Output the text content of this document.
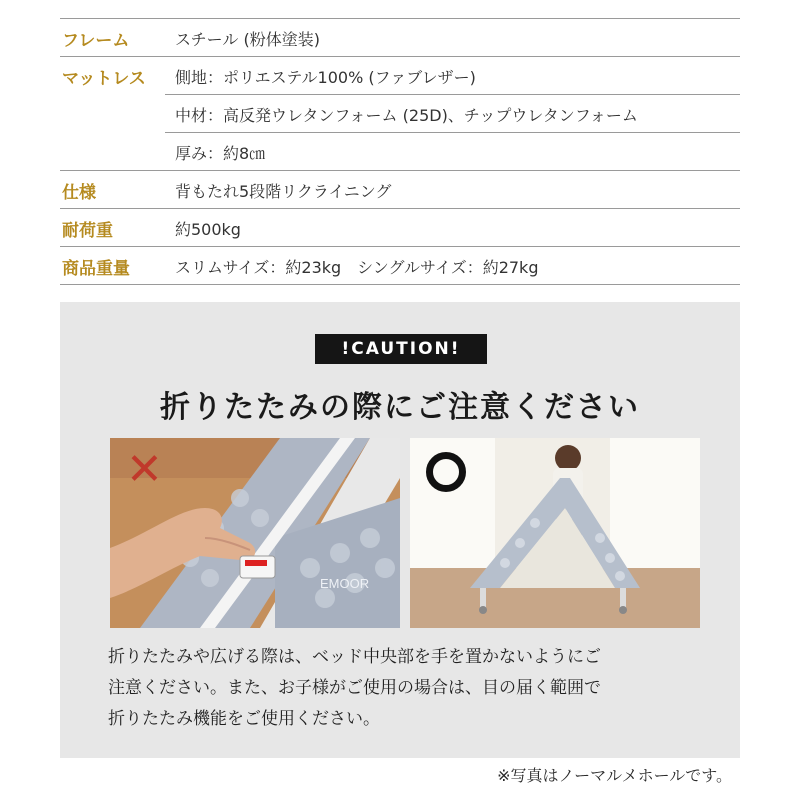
フレーム	スチール (粉体塗装)
マットレス 側地：ポリエステル100% (ファブレザー)
中材：高反発ウレタンフォーム (25D)、チップウレタンフォーム
厚み：約8㎝
仕様	背もたれ5段階リクライニング
耐荷重	約500kg
商品重量	スリムサイズ：約23kg　シングルサイズ：約27kg
!CAUTION!
折りたたみの際にご注意ください
EMOOR
✕
折りたたみや広げる際は、ベッド中央部を手を置かないようにご
注意ください。また、お子様がご使用の場合は、目の届く範囲で
折りたたみ機能をご使用ください。
※写真はノーマルメホールです。
